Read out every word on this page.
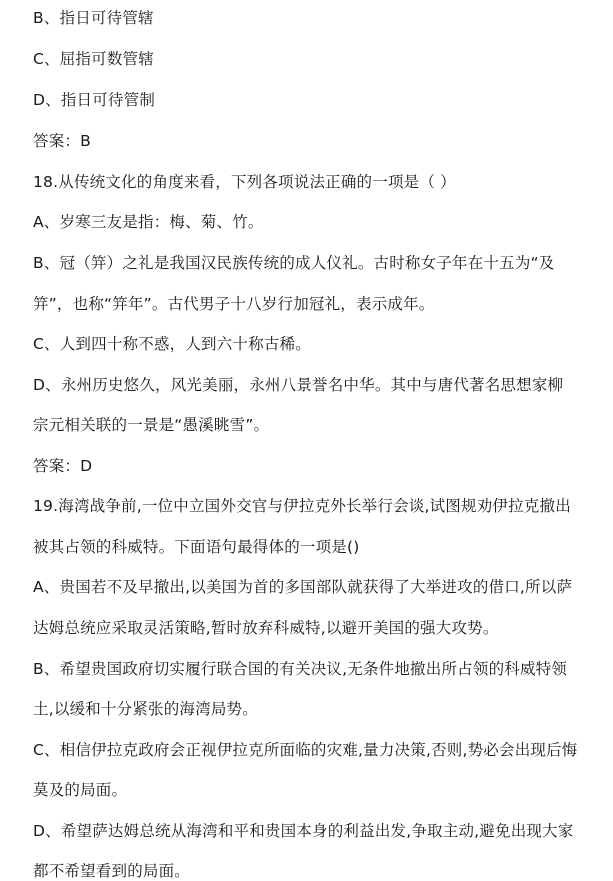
B、指日可待管辖
C、屈指可数管辖
D、指日可待管制
答案：B
18.从传统文化的角度来看，下列各项说法正确的一项是（ ）
A、岁寒三友是指：梅、菊、竹。
B、冠（笄）之礼是我国汉民族传统的成人仪礼。古时称女子年在十五为“及
笄”，也称“笄年”。古代男子十八岁行加冠礼，表示成年。
C、人到四十称不惑，人到六十称古稀。
D、永州历史悠久，风光美丽，永州八景誉名中华。其中与唐代著名思想家柳
宗元相关联的一景是“愚溪眺雪”。
答案：D
19.海湾战争前,一位中立国外交官与伊拉克外长举行会谈,试图规劝伊拉克撤出
被其占领的科威特。下面语句最得体的一项是()
A、贵国若不及早撤出,以美国为首的多国部队就获得了大举进攻的借口,所以萨
达姆总统应采取灵活策略,暂时放弃科威特,以避开美国的强大攻势。
B、希望贵国政府切实履行联合国的有关决议,无条件地撤出所占领的科威特领
土,以缓和十分紧张的海湾局势。
C、相信伊拉克政府会正视伊拉克所面临的灾难,量力决策,否则,势必会出现后悔
莫及的局面。
D、希望萨达姆总统从海湾和平和贵国本身的利益出发,争取主动,避免出现大家
都不希望看到的局面。
